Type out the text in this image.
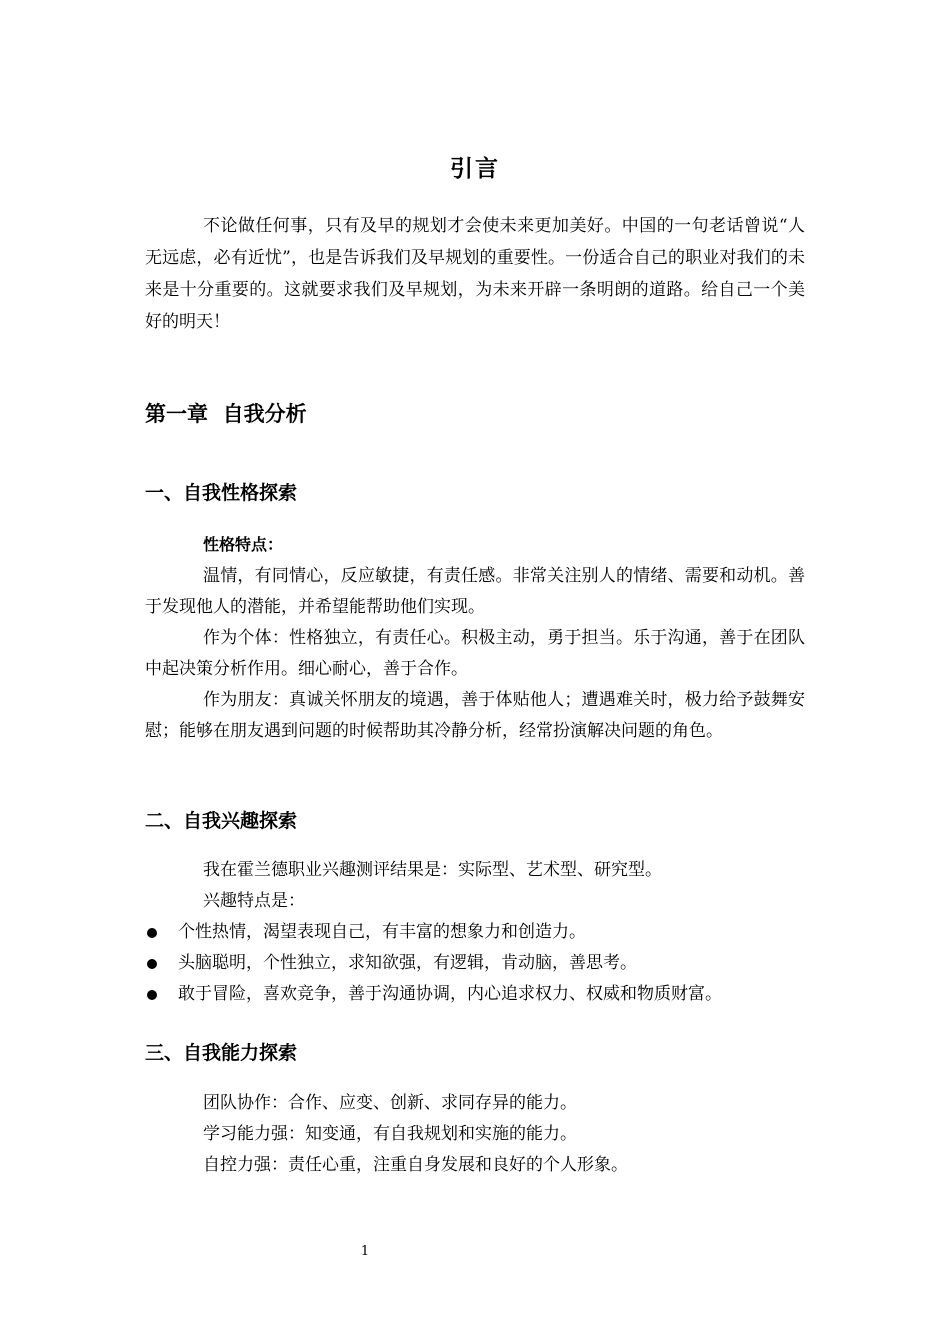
引言
不论做任何事，只有及早的规划才会使未来更加美好。中国的一句老话曾说“人无远虑，必有近忧”，也是告诉我们及早规划的重要性。一份适合自己的职业对我们的未来是十分重要的。这就要求我们及早规划，为未来开辟一条明朗的道路。给自己一个美好的明天！
第一章  自我分析
一、自我性格探索

性格特点：

温情，有同情心，反应敏捷，有责任感。非常关注别人的情绪、需要和动机。善于发现他人的潜能，并希望能帮助他们实现。

作为个体：性格独立，有责任心。积极主动，勇于担当。乐于沟通，善于在团队中起决策分析作用。细心耐心，善于合作。

作为朋友：真诚关怀朋友的境遇，善于体贴他人；遭遇难关时，极力给予鼓舞安慰；能够在朋友遇到问题的时候帮助其冷静分析，经常扮演解决问题的角色。

二、自我兴趣探索
我在霍兰德职业兴趣测评结果是：实际型、艺术型、研究型。
兴趣特点是：
个性热情，渴望表现自己，有丰富的想象力和创造力。
头脑聪明，个性独立，求知欲强，有逻辑，肯动脑，善思考。
敢于冒险，喜欢竞争，善于沟通协调，内心追求权力、权威和物质财富。
三、自我能力探索
团队协作：合作、应变、创新、求同存异的能力。
学习能力强：知变通，有自我规划和实施的能力。
自控力强：责任心重，注重自身发展和良好的个人形象。
1
